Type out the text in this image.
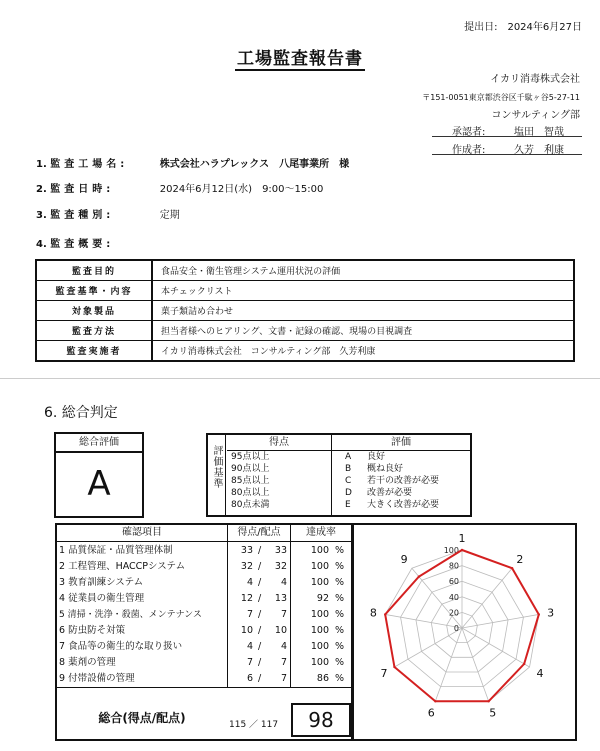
提出日:　2024年6月27日
工場監査報告書
イカリ消毒株式会社
〒151-0051東京都渋谷区千駄ヶ谷5-27-11
コンサルティング部
承認者:	塩田　智哉
作成者:	久芳　利康
1. 監査工場名:	株式会社ハラプレックス　八尾事業所　様
2. 監査日時:	2024年6月12日(水)　9:00〜15:00
3. 監査種別:	定期
4. 監査概要:
監査目的	食品安全・衛生管理システム運用状況の評価
監査基準・内容	本チェックリスト
対象製品	菓子類詰め合わせ
監査方法	担当者様へのヒアリング、文書・記録の確認、現場の目視調査
監査実施者	イカリ消毒株式会社　コンサルティング部　久芳利康
6. 総合判定
総合評価
A	評価基準
得点	評価
95点以上	A 良好
90点以上	B 概ね良好
85点以上	C 若干の改善が必要
80点以上	D 改善が必要
80点未満	E 大きく改善が必要
確認項目	得点/配点	達成率
1 品質保証・品質管理体制	33 /	33	100 %
2 工程管理、HACCPシステム	32 /	32	100 %
3 教育訓練システム	4 /	4	100 %
4 従業員の衛生管理	12 /	13	92 %
5 清掃・洗浄・殺菌、メンテナンス	7 /	7	100 %
6 防虫防そ対策	10 /	10	100 %
7 食品等の衛生的な取り扱い	4 /	4	100 %
8 薬剤の管理	7 /	7	100 %
9 付帯設備の管理	6 /	7	86 %
総合(得点/配点)	115 ／ 117	98
0
20
40
60
80
100
1
2
3
4
5
6
7
8
9
